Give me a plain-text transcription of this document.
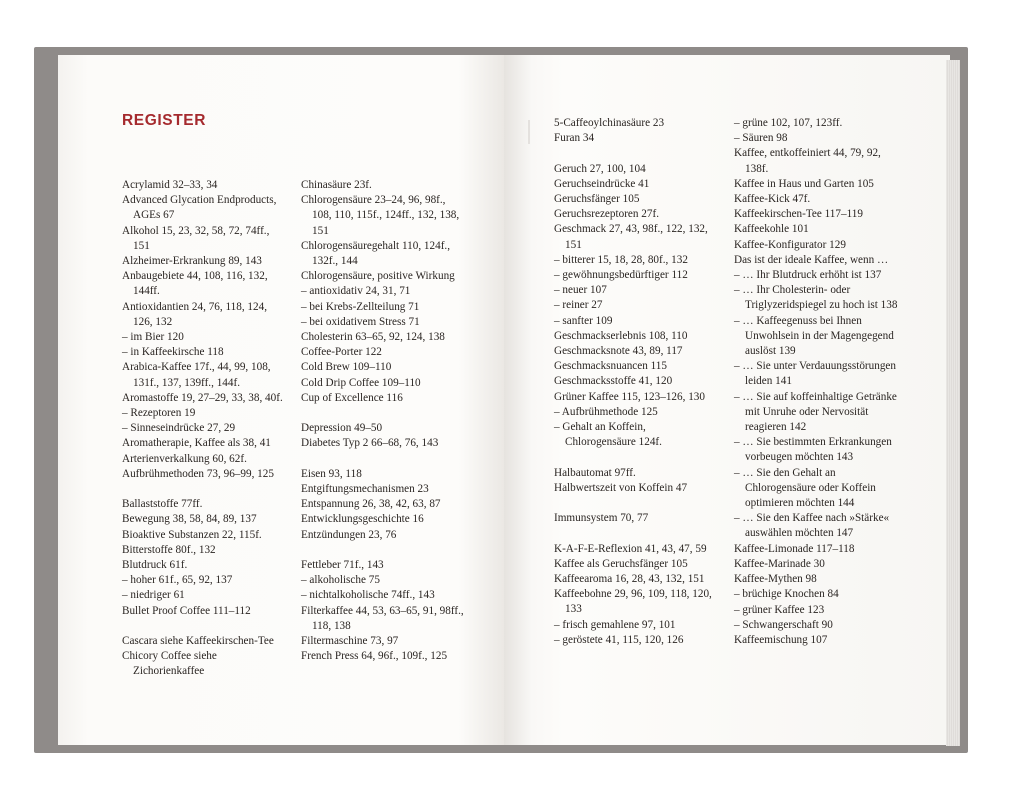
REGISTER
Acrylamid 32–33, 34
Advanced Glycation Endproducts, AGEs 67
Alkohol 15, 23, 32, 58, 72, 74ff., 151
Alzheimer-Erkrankung 89, 143
Anbaugebiete 44, 108, 116, 132, 144ff.
Antioxidantien 24, 76, 118, 124, 126, 132
– im Bier 120
– in Kaffeekirsche 118
Arabica-Kaffee 17f., 44, 99, 108, 131f., 137, 139ff., 144f.
Aromastoffe 19, 27–29, 33, 38, 40f.
– Rezeptoren 19
– Sinneseindrücke 27, 29
Aromatherapie, Kaffee als 38, 41
Arterienverkalkung 60, 62f.
Aufbrühmethoden 73, 96–99, 125
Ballaststoffe 77ff.
Bewegung 38, 58, 84, 89, 137
Bioaktive Substanzen 22, 115f.
Bitterstoffe 80f., 132
Blutdruck 61f.
– hoher 61f., 65, 92, 137
– niedriger 61
Bullet Proof Coffee 111–112
Cascara siehe Kaffeekirschen-Tee
Chicory Coffee siehe Zichorienkaffee
Chinasäure 23f.
Chlorogensäure 23–24, 96, 98f., 108, 110, 115f., 124ff., 132, 138, 151
Chlorogensäuregehalt 110, 124f., 132f., 144
Chlorogensäure, positive Wirkung
– antioxidativ 24, 31, 71
– bei Krebs-Zellteilung 71
– bei oxidativem Stress 71
Cholesterin 63–65, 92, 124, 138
Coffee-Porter 122
Cold Brew 109–110
Cold Drip Coffee 109–110
Cup of Excellence 116
Depression 49–50
Diabetes Typ 2 66–68, 76, 143
Eisen 93, 118
Entgiftungsmechanismen 23
Entspannung 26, 38, 42, 63, 87
Entwicklungsgeschichte 16
Entzündungen 23, 76
Fettleber 71f., 143
– alkoholische 75
– nichtalkoholische 74ff., 143
Filterkaffee 44, 53, 63–65, 91, 98ff., 118, 138
Filtermaschine 73, 97
French Press 64, 96f., 109f., 125
5-Caffeoylchinasäure 23
Furan 34
Geruch 27, 100, 104
Geruchseindrücke 41
Geruchsfänger 105
Geruchsrezeptoren 27f.
Geschmack 27, 43, 98f., 122, 132, 151
– bitterer 15, 18, 28, 80f., 132
– gewöhnungsbedürftiger 112
– neuer 107
– reiner 27
– sanfter 109
Geschmackserlebnis 108, 110
Geschmacksnote 43, 89, 117
Geschmacksnuancen 115
Geschmacksstoffe 41, 120
Grüner Kaffee 115, 123–126, 130
– Aufbrühmethode 125
– Gehalt an Koffein, Chlorogensäure 124f.
Halbautomat 97ff.
Halbwertszeit von Koffein 47
Immunsystem 70, 77
K-A-F-E-Reflexion 41, 43, 47, 59
Kaffee als Geruchsfänger 105
Kaffeearoma 16, 28, 43, 132, 151
Kaffeebohne 29, 96, 109, 118, 120, 133
– frisch gemahlene 97, 101
– geröstete 41, 115, 120, 126
– grüne 102, 107, 123ff.
– Säuren 98
Kaffee, entkoffeiniert 44, 79, 92, 138f.
Kaffee in Haus und Garten 105
Kaffee-Kick 47f.
Kaffeekirschen-Tee 117–119
Kaffeekohle 101
Kaffee-Konfigurator 129
Das ist der ideale Kaffee, wenn …
– … Ihr Blutdruck erhöht ist 137
– … Ihr Cholesterin- oder Triglyzeridspiegel zu hoch ist 138
– … Kaffeegenuss bei Ihnen Unwohlsein in der Magengegend auslöst 139
– … Sie unter Verdauungsstörungen leiden 141
– … Sie auf koffeinhaltige Getränke mit Unruhe oder Nervosität reagieren 142
– … Sie bestimmten Erkrankungen vorbeugen möchten 143
– … Sie den Gehalt an Chlorogensäure oder Koffein optimieren möchten 144
– … Sie den Kaffee nach »Stärke« auswählen möchten 147
Kaffee-Limonade 117–118
Kaffee-Marinade 30
Kaffee-Mythen 98
– brüchige Knochen 84
– grüner Kaffee 123
– Schwangerschaft 90
Kaffeemischung 107
